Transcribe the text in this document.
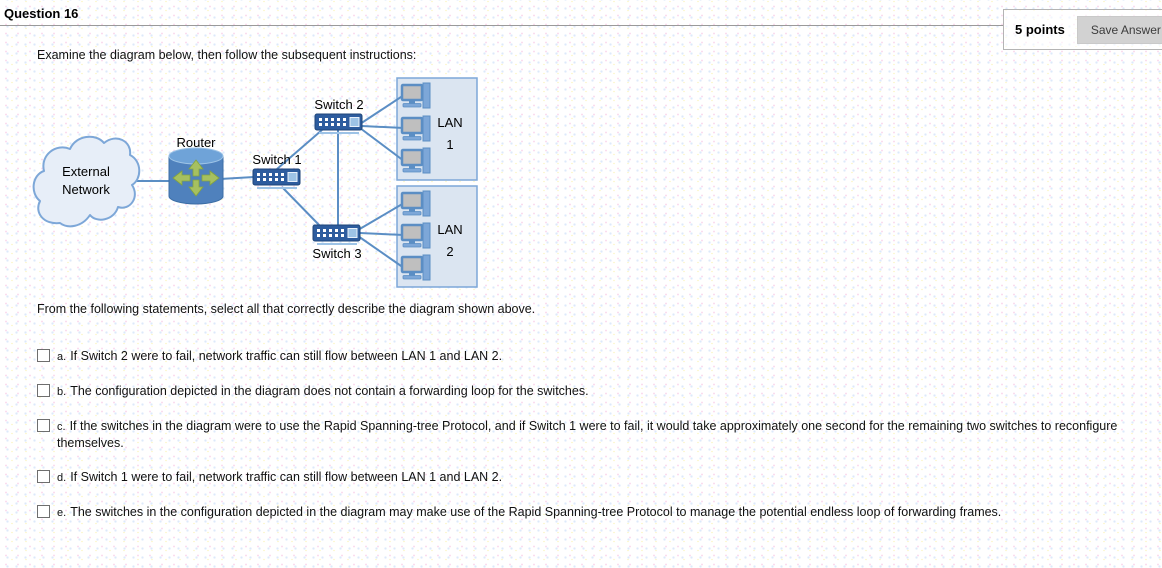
Question 16
5 points	Save Answer
Examine the diagram below, then follow the subsequent instructions:
External
Network
Router
Switch 1
Switch 2
Switch 3
LAN
1
LAN
2
From the following statements, select all that correctly describe the diagram shown above.
a. If Switch 2 were to fail, network traffic can still flow between LAN 1 and LAN 2.
b. The configuration depicted in the diagram does not contain a forwarding loop for the switches.
c. If the switches in the diagram were to use the Rapid Spanning-tree Protocol, and if Switch 1 were to fail, it would take approximately one second for the remaining two switches to reconfigure themselves.
d. If Switch 1 were to fail, network traffic can still flow between LAN 1 and LAN 2.
e. The switches in the configuration depicted in the diagram may make use of the Rapid Spanning-tree Protocol to manage the potential endless loop of forwarding frames.
